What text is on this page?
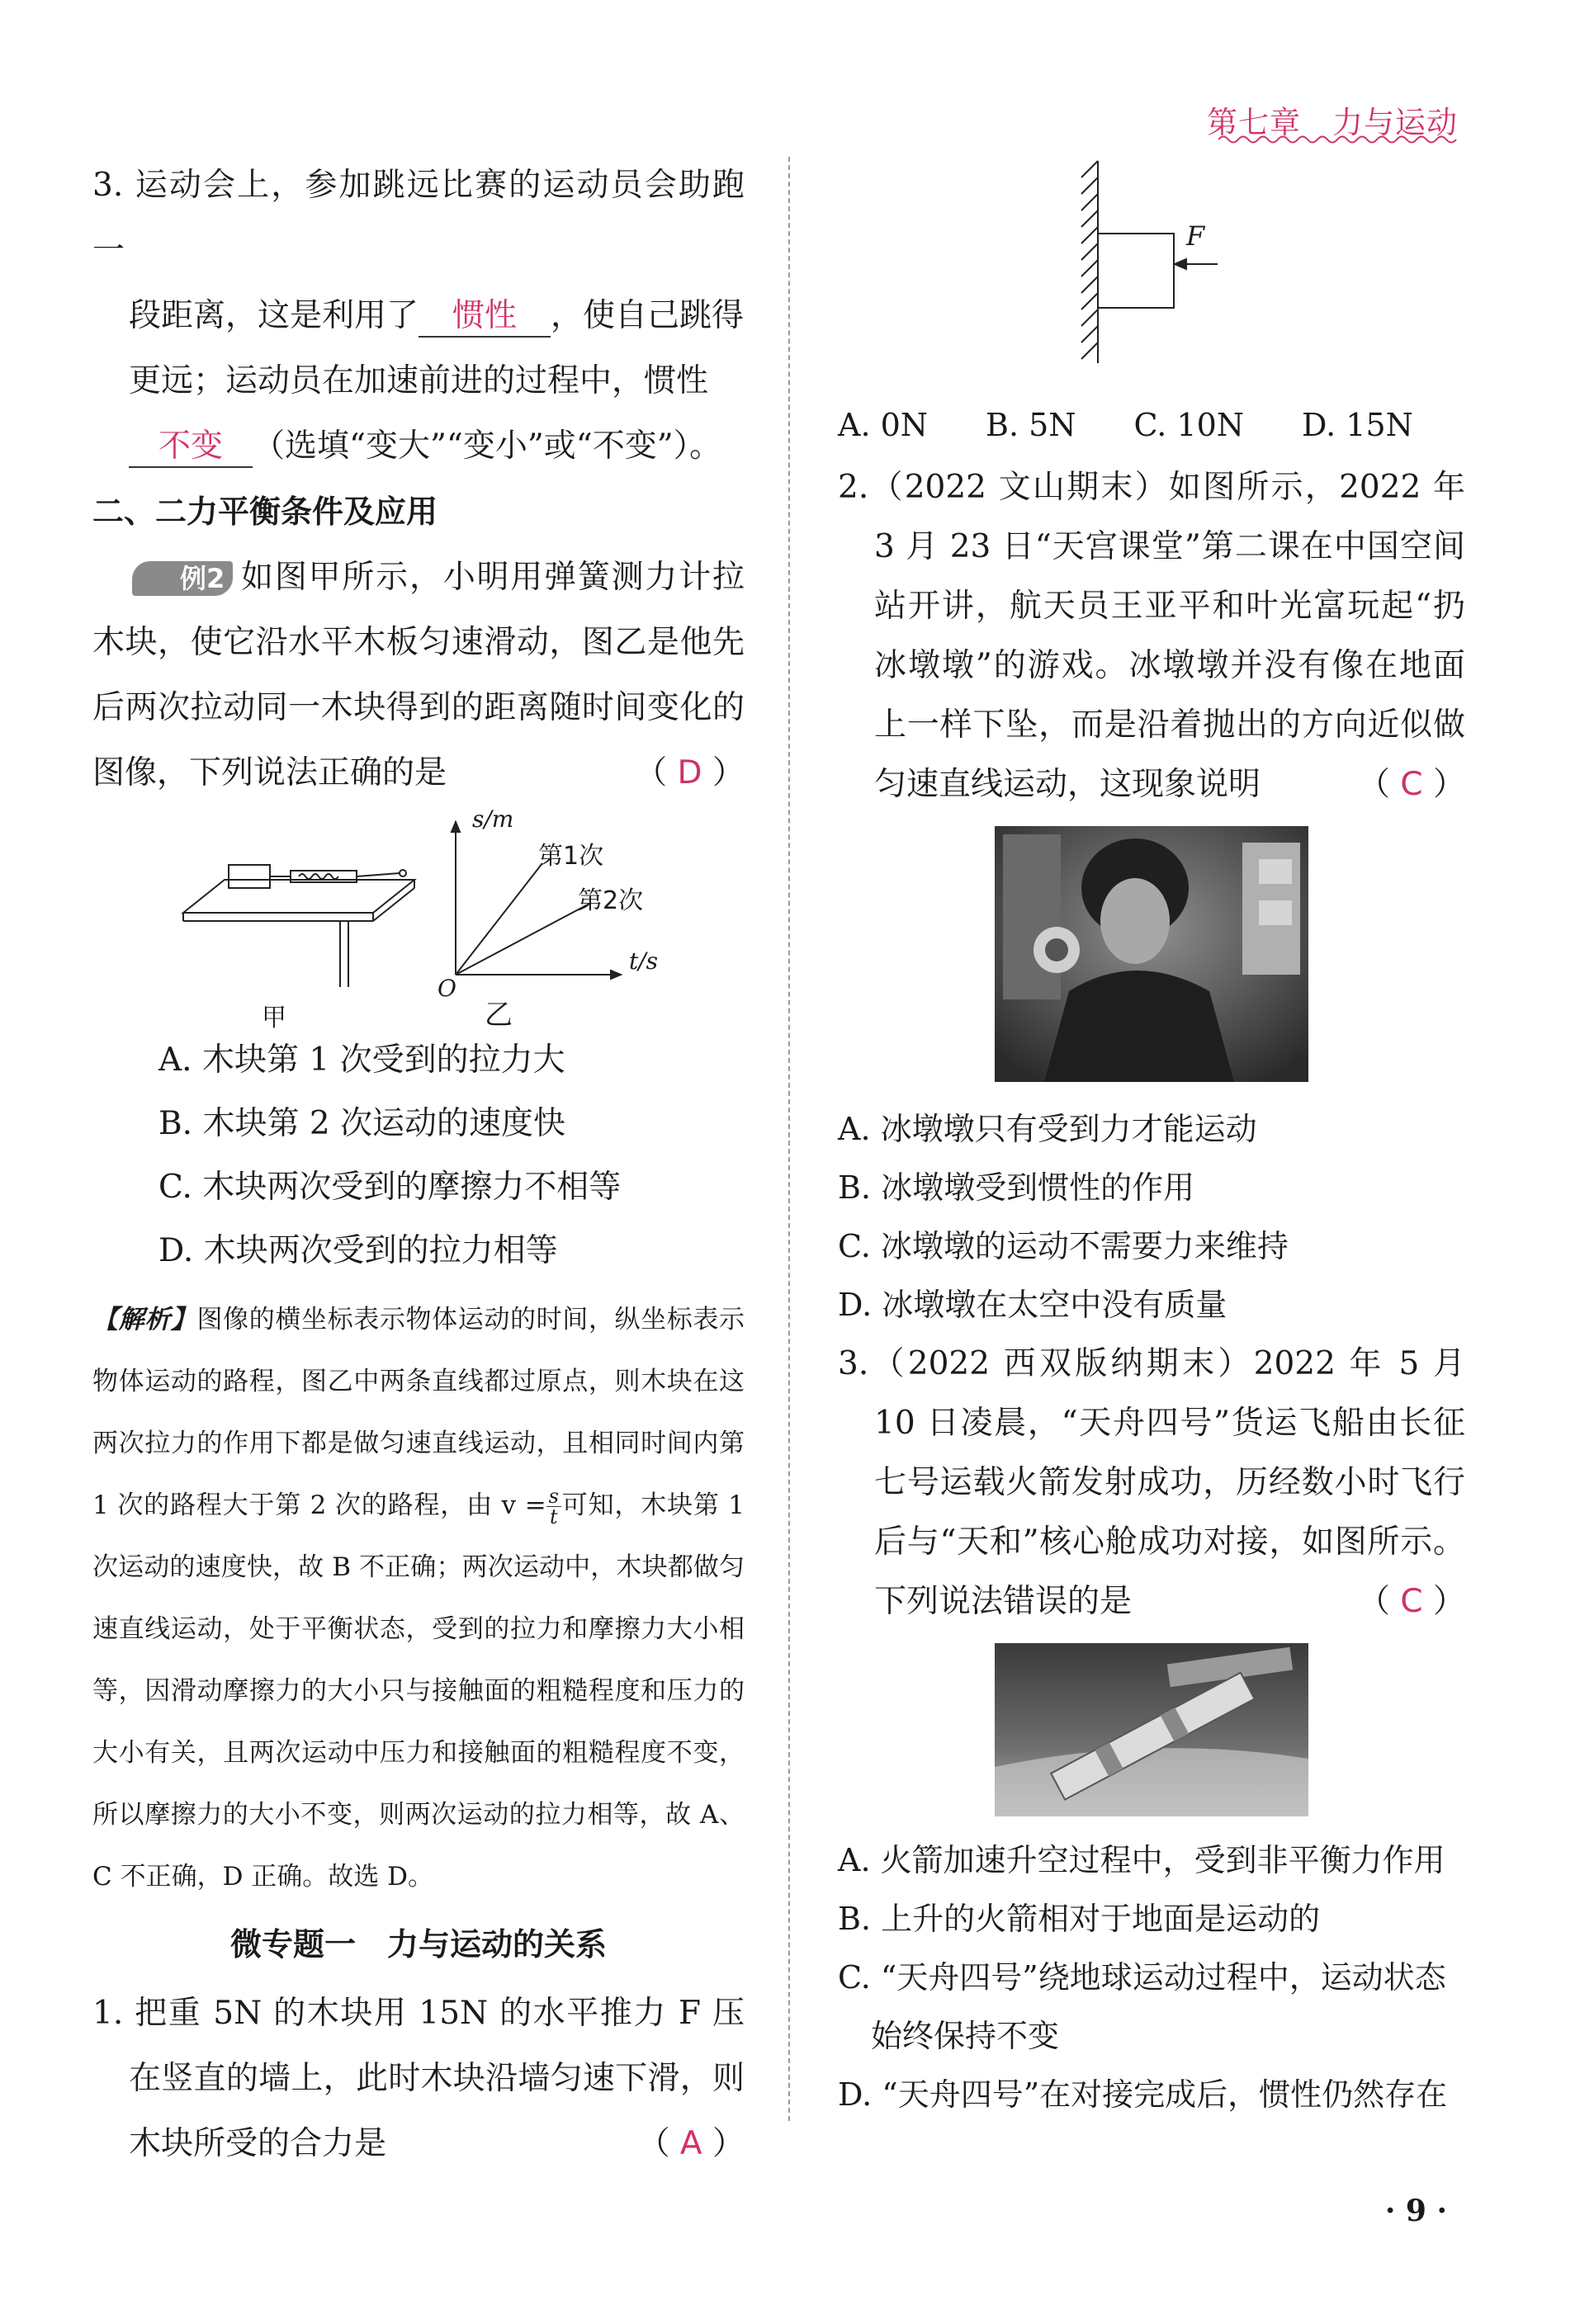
第七章　力与运动

3. 运动会上，参加跳远比赛的运动员会助跑一

段距离，这是利用了 惯性 ，使自己跳得

更远；运动员在加速前进的过程中，惯性

不变 （选填“变大”“变小”或“不变”）。

二、二力平衡条件及应用

例2 如图甲所示，小明用弹簧测力计拉木块，使它沿水平木板匀速滑动，图乙是他先后两次拉动同一木块得到的距离随时间变化的图像，下列说法正确的是	（ D ）

甲	乙
s/m
t/s
O
第1次
第2次

A. 木块第 1 次受到的拉力大

B. 木块第 2 次运动的速度快

C. 木块两次受到的摩擦力不相等

D. 木块两次受到的拉力相等

【解析】图像的横坐标表示物体运动的时间，纵坐标表示物体运动的路程，图乙中两条直线都过原点，则木块在这两次拉力的作用下都是做匀速直线运动，且相同时间内第 1 次的路程大于第 2 次的路程，由 $v = \frac{s}{t}$ 可知，木块第 1 次运动的速度快，故 B 不正确；两次运动中，木块都做匀速直线运动，处于平衡状态，受到的拉力和摩擦力大小相等，因滑动摩擦力的大小只与接触面的粗糙程度和压力的大小有关，且两次运动中压力和接触面的粗糙程度不变，所以摩擦力的大小不变，则两次运动的拉力相等，故 A、C 不正确，D 正确。故选 D。

微专题一　力与运动的关系

1. 把重 5N 的木块用 15N 的水平推力 F 压在竖直的墙上，此时木块沿墙匀速下滑，则木块所受的合力是	（ A ）

F
A. 0N B. 5N C. 10N D. 15N

2.（2022 文山期末）如图所示，2022 年 3 月 23 日“天宫课堂”第二课在中国空间站开讲，航天员王亚平和叶光富玩起“扔冰墩墩”的游戏。冰墩墩并没有像在地面上一样下坠，而是沿着抛出的方向近似做匀速直线运动，这现象说明	（ C ）

A. 冰墩墩只有受到力才能运动

B. 冰墩墩受到惯性的作用

C. 冰墩墩的运动不需要力来维持

D. 冰墩墩在太空中没有质量

3.（2022 西双版纳期末）2022 年 5 月 10 日凌晨，“天舟四号”货运飞船由长征七号运载火箭发射成功，历经数小时飞行后与“天和”核心舱成功对接，如图所示。下列说法错误的是	（ C ）

A. 火箭加速升空过程中，受到非平衡力作用

B. 上升的火箭相对于地面是运动的

C. “天舟四号”绕地球运动过程中，运动状态始终保持不变

D. “天舟四号”在对接完成后，惯性仍然存在

· 9 ·
